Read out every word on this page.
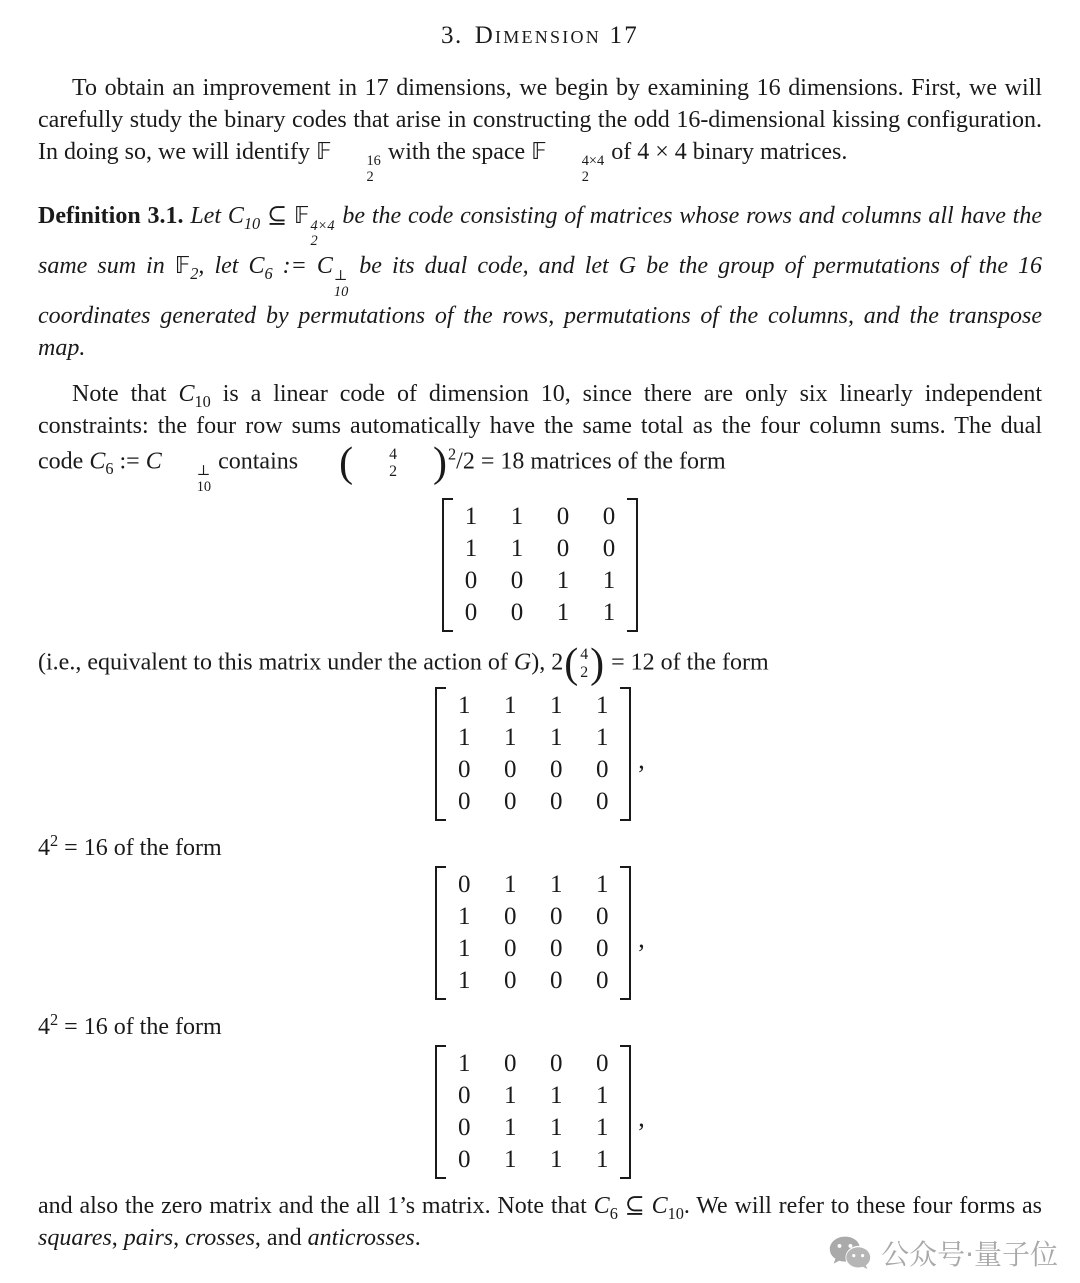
3. Dimension 17

To obtain an improvement in 17 dimensions, we begin by examining 16 dimensions. First, we will carefully study the binary codes that arise in constructing the odd 16-dimensional kissing configuration. In doing so, we will identify 𝔽	16
2
with the space 𝔽	4×4
2
of 4 × 4 binary matrices.

Definition 3.1. Let $C_{10}$ ⊆ 𝔽 4×4
2
be the code consisting of matrices whose rows and columns all have the same sum in 𝔽$_2$, let $C_6$ := C ⊥
10
be its dual code, and let G be the group of permutations of the 16 coordinates generated by permutations of the rows, permutations of the columns, and the transpose map.

Note that $C_{10}$ is a linear code of dimension 10, since there are only six linearly independent constraints: the four row sums automatically have the same total as the four column sums. The dual code $C_6$ := C	⊥
10
contains (	4
2 ) $^2$/2 = 18 matrices of the form

1 1 0 0
1 1 0 0
0 0 1 1
0 0 1 1

(i.e., equivalent to this matrix under the action of G), 2 ( 4
2 ) = 12 of the form

1 1 1 1
1 1 1 1
0 0 0 0
0 0 0 0
,

$4^2 = 16$ of the form

0 1 1 1
1 0 0 0
1 0 0 0
1 0 0 0
,

$4^2 = 16$ of the form

1 0 0 0
0 1 1 1
0 1 1 1
0 1 1 1
,

and also the zero matrix and the all 1’s matrix. Note that $C_6$ ⊆ $C_{10}$. We will refer to these four forms as squares, pairs, crosses, and anticrosses.

公众号·量子位
